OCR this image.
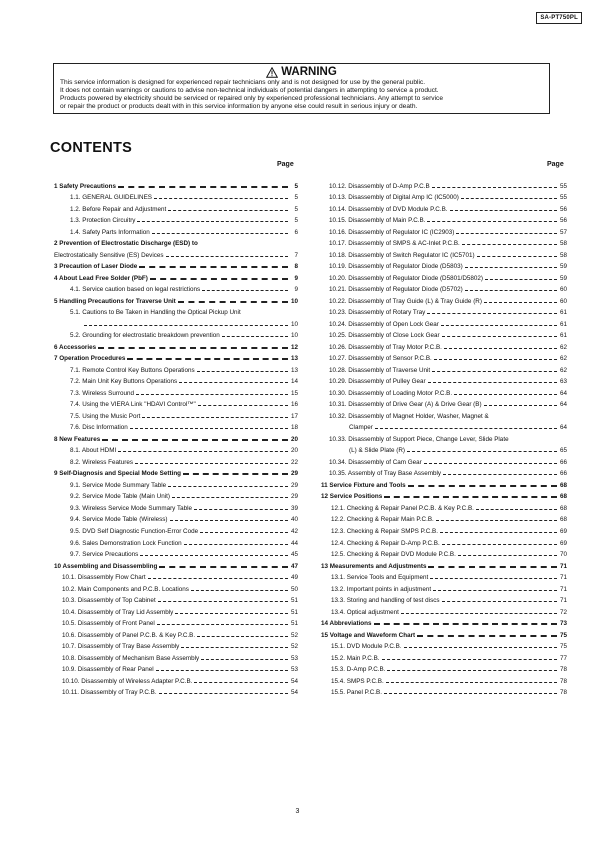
SA-PT750PL
WARNING
This service information is designed for experienced repair technicians only and is not designed for use by the general public.
It does not contain warnings or cautions to advise non-technical individuals of potential dangers in attempting to service a product.
Products powered by electricity should be serviced or repaired only by experienced professional technicians. Any attempt to service
or repair the product or products dealt with in this service information by anyone else could result in serious injury or death.
CONTENTS
Page	Page
1 Safety Precautions	5
1.1. GENERAL GUIDELINES	5
1.2. Before Repair and Adjustment	5
1.3. Protection Circuitry	5
1.4. Safety Parts Information	6
2 Prevention of Electrostatic Discharge (ESD) to
Electrostatically Sensitive (ES) Devices	7
3 Precaution of Laser Diode	8
4 About Lead Free Solder (PbF)	9
4.1. Service caution based on legal restrictions	9
5 Handling Precautions for Traverse Unit	10
5.1. Cautions to Be Taken in Handling the Optical Pickup Unit
10
5.2. Grounding for electrostatic breakdown prevention	10
6 Accessories	12
7 Operation Procedures	13
7.1. Remote Control Key Buttons Operations	13
7.2. Main Unit Key Buttons Operations	14
7.3. Wireless Surround	15
7.4. Using the VIERA Link "HDAVI Control™"	16
7.5. Using the Music Port	17
7.6. Disc Information	18
8 New Features	20
8.1. About HDMI	20
8.2. Wireless Features	22
9 Self-Diagnosis and Special Mode Setting	29
9.1. Service Mode Summary Table	29
9.2. Service Mode Table (Main Unit)	29
9.3. Wireless Service Mode Summary Table	39
9.4. Service Mode Table (Wireless)	40
9.5. DVD Self Diagnostic Function-Error Code	42
9.6. Sales Demonstration Lock Function	44
9.7. Service Precautions	45
10 Assembling and Disassembling	47
10.1. Disassembly Flow Chart	49
10.2. Main Components and P.C.B. Locations	50
10.3. Disassembly of Top Cabinet	51
10.4. Disassembly of Tray Lid Assembly	51
10.5. Disassembly of Front Panel	51
10.6. Disassembly of Panel P.C.B. & Key P.C.B.	52
10.7. Disassembly of Tray Base Assembly	52
10.8. Disassembly of Mechanism Base Assembly	53
10.9. Disassembly of Rear Panel	53
10.10. Disassembly of Wireless Adapter P.C.B.	54
10.11. Disassembly of Tray P.C.B.	54
10.12. Disassembly of D-Amp P.C.B	55
10.13. Disassembly of Digital Amp IC (IC5000)	55
10.14. Disassembly of DVD Module P.C.B.	56
10.15. Disassembly of Main P.C.B.	56
10.16. Disassembly of Regulator IC (IC2903)	57
10.17. Disassembly of SMPS & AC-Inlet P.C.B.	58
10.18. Disassembly of Switch Regulator IC (IC5701)	58
10.19. Disassembly of Regulator Diode (D5803)	59
10.20. Disassembly of Regulator Diode (D5801/D5802)	59
10.21. Disassembly of Regulator Diode (D5702)	60
10.22. Disassembly of Tray Guide (L) & Tray Guide (R)	60
10.23. Disassembly of Rotary Tray	61
10.24. Disassembly of Open Lock Gear	61
10.25. Disassembly of Close Lock Gear	61
10.26. Disassembly of Tray Motor P.C.B.	62
10.27. Disassembly of Sensor P.C.B.	62
10.28. Disassembly of Traverse Unit	62
10.29. Disassembly of Pulley Gear	63
10.30. Disassembly of Loading Motor P.C.B.	64
10.31. Disassembly of Drive Gear (A) & Drive Gear (B)	64
10.32. Disassembly of Magnet Holder, Washer, Magnet &
Clamper	64
10.33. Disassembly of Support Piece, Change Lever, Slide Plate
(L) & Slide Plate (R)	65
10.34. Disassembly of Cam Gear	66
10.35. Assembly of Tray Base Assembly	66
11 Service Fixture and Tools	68
12 Service Positions	68
12.1. Checking & Repair Panel P.C.B. & Key P.C.B.	68
12.2. Checking & Repair Main P.C.B.	68
12.3. Checking & Repair SMPS P.C.B.	69
12.4. Checking & Repair D-Amp P.C.B.	69
12.5. Checking & Repair DVD Module P.C.B.	70
13 Measurements and Adjustments	71
13.1. Service Tools and Equipment	71
13.2. Important points in adjustment	71
13.3. Storing and handling of test discs	71
13.4. Optical adjustment	72
14 Abbreviations	73
15 Voltage and Waveform Chart	75
15.1. DVD Module P.C.B.	75
15.2. Main P.C.B.	77
15.3. D-Amp P.C.B.	78
15.4. SMPS P.C.B.	78
15.5. Panel P.C.B.	78
3
